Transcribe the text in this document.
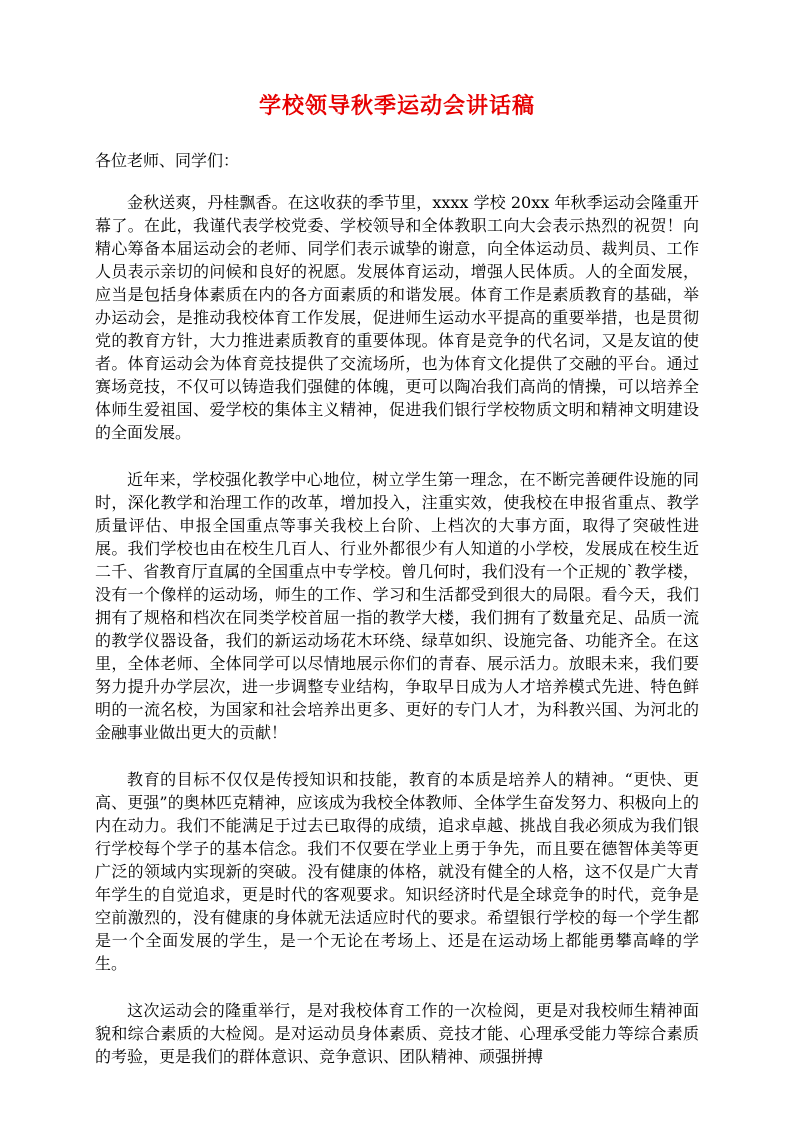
学校领导秋季运动会讲话稿

各位老师、同学们：

金秋送爽，丹桂飘香。在这收获的季节里，xxxx 学校 20xx 年秋季运动会隆重开幕了。在此，我谨代表学校党委、学校领导和全体教职工向大会表示热烈的祝贺！向精心筹备本届运动会的老师、同学们表示诚挚的谢意，向全体运动员、裁判员、工作人员表示亲切的问候和良好的祝愿。发展体育运动，增强人民体质。人的全面发展，应当是包括身体素质在内的各方面素质的和谐发展。体育工作是素质教育的基础，举办运动会，是推动我校体育工作发展，促进师生运动水平提高的重要举措，也是贯彻党的教育方针，大力推进素质教育的重要体现。体育是竞争的代名词，又是友谊的使者。体育运动会为体育竞技提供了交流场所，也为体育文化提供了交融的平台。通过赛场竞技，不仅可以铸造我们强健的体魄，更可以陶冶我们高尚的情操，可以培养全体师生爱祖国、爱学校的集体主义精神，促进我们银行学校物质文明和精神文明建设的全面发展。

近年来，学校强化教学中心地位，树立学生第一理念，在不断完善硬件设施的同时，深化教学和治理工作的改革，增加投入，注重实效，使我校在申报省重点、教学质量评估、申报全国重点等事关我校上台阶、上档次的大事方面，取得了突破性进展。我们学校也由在校生几百人、行业外都很少有人知道的小学校，发展成在校生近二千、省教育厅直属的全国重点中专学校。曾几何时，我们没有一个正规的`教学楼，没有一个像样的运动场，师生的工作、学习和生活都受到很大的局限。看今天，我们拥有了规格和档次在同类学校首屈一指的教学大楼，我们拥有了数量充足、品质一流的教学仪器设备，我们的新运动场花木环绕、绿草如织、设施完备、功能齐全。在这里，全体老师、全体同学可以尽情地展示你们的青春、展示活力。放眼未来，我们要努力提升办学层次，进一步调整专业结构，争取早日成为人才培养模式先进、特色鲜明的一流名校，为国家和社会培养出更多、更好的专门人才，为科教兴国、为河北的金融事业做出更大的贡献！

教育的目标不仅仅是传授知识和技能，教育的本质是培养人的精神。“更快、更高、更强”的奥林匹克精神，应该成为我校全体教师、全体学生奋发努力、积极向上的内在动力。我们不能满足于过去已取得的成绩，追求卓越、挑战自我必须成为我们银行学校每个学子的基本信念。我们不仅要在学业上勇于争先，而且要在德智体美等更广泛的领域内实现新的突破。没有健康的体格，就没有健全的人格，这不仅是广大青年学生的自觉追求，更是时代的客观要求。知识经济时代是全球竞争的时代，竞争是空前激烈的，没有健康的身体就无法适应时代的要求。希望银行学校的每一个学生都是一个全面发展的学生，是一个无论在考场上、还是在运动场上都能勇攀高峰的学生。

这次运动会的隆重举行，是对我校体育工作的一次检阅，更是对我校师生精神面貌和综合素质的大检阅。是对运动员身体素质、竞技才能、心理承受能力等综合素质的考验，更是我们的群体意识、竞争意识、团队精神、顽强拼搏
